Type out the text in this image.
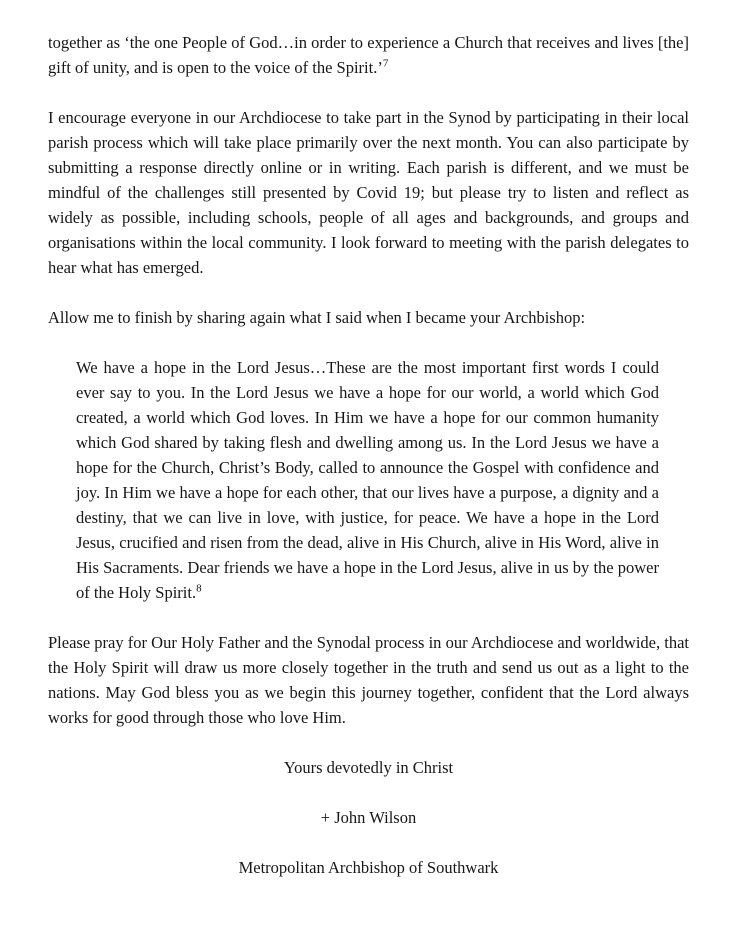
together as ‘the one People of God…in order to experience a Church that receives and lives [the] gift of unity, and is open to the voice of the Spirit.’$^7$

I encourage everyone in our Archdiocese to take part in the Synod by participating in their local parish process which will take place primarily over the next month. You can also participate by submitting a response directly online or in writing. Each parish is different, and we must be mindful of the challenges still presented by Covid 19; but please try to listen and reflect as widely as possible, including schools, people of all ages and backgrounds, and groups and organisations within the local community. I look forward to meeting with the parish delegates to hear what has emerged.

Allow me to finish by sharing again what I said when I became your Archbishop:

We have a hope in the Lord Jesus…These are the most important first words I could ever say to you. In the Lord Jesus we have a hope for our world, a world which God created, a world which God loves. In Him we have a hope for our common humanity which God shared by taking flesh and dwelling among us. In the Lord Jesus we have a hope for the Church, Christ’s Body, called to announce the Gospel with confidence and joy. In Him we have a hope for each other, that our lives have a purpose, a dignity and a destiny, that we can live in love, with justice, for peace. We have a hope in the Lord Jesus, crucified and risen from the dead, alive in His Church, alive in His Word, alive in His Sacraments. Dear friends we have a hope in the Lord Jesus, alive in us by the power of the Holy Spirit.$^8$

Please pray for Our Holy Father and the Synodal process in our Archdiocese and worldwide, that the Holy Spirit will draw us more closely together in the truth and send us out as a light to the nations. May God bless you as we begin this journey together, confident that the Lord always works for good through those who love Him.

Yours devotedly in Christ

+ John Wilson

Metropolitan Archbishop of Southwark
